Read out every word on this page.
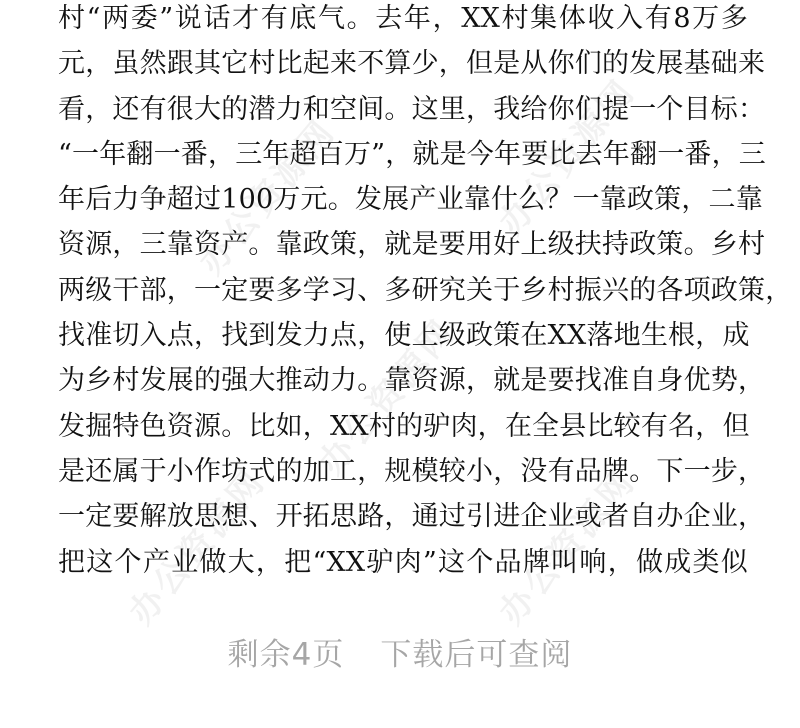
办公资源网	办公资源网
办公资源网
办公资源网	办公资源网
村“两委”说话才有底气。去年，XX村集体收入有8万多
元，虽然跟其它村比起来不算少，但是从你们的发展基础来
看，还有很大的潜力和空间。这里，我给你们提一个目标：
“一年翻一番，三年超百万”，就是今年要比去年翻一番，三
年后力争超过100万元。发展产业靠什么？一靠政策，二靠
资源，三靠资产。靠政策，就是要用好上级扶持政策。乡村
两级干部，一定要多学习、多研究关于乡村振兴的各项政策，
找准切入点，找到发力点，使上级政策在XX落地生根，成
为乡村发展的强大推动力。靠资源，就是要找准自身优势，
发掘特色资源。比如，XX村的驴肉，在全县比较有名，但
是还属于小作坊式的加工，规模较小，没有品牌。下一步，
一定要解放思想、开拓思路，通过引进企业或者自办企业，
把这个产业做大，把“XX驴肉”这个品牌叫响，做成类似
剩余4页 下载后可查阅
